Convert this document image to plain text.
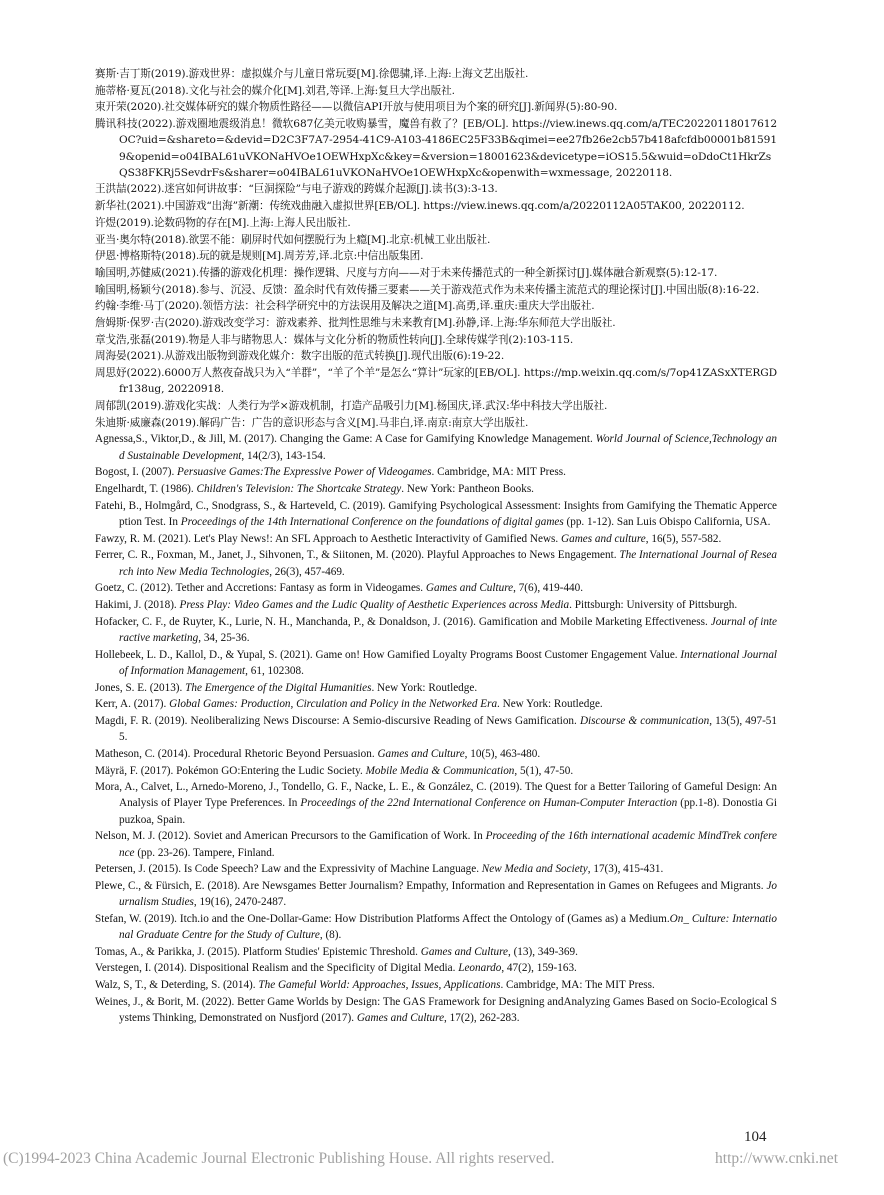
赛斯·吉丁斯(2019).游戏世界：虚拟媒介与儿童日常玩耍[M].徐偲骕,译.上海:上海文艺出版社.

施蒂格·夏瓦(2018).文化与社会的媒介化[M].刘君,等译.上海:复旦大学出版社.

束开荣(2020).社交媒体研究的媒介物质性路径——以微信API开放与使用项目为个案的研究[J].新闻界(5):80-90.

腾讯科技(2022).游戏圈地震级消息！微软687亿美元收购暴雪，魔兽有救了？[EB/OL]. https://view.inews.qq.com/a/TEC20220118017612OC?uid=&shareto=&devid=D2C3F7A7-2954-41C9-A103-4186EC25F33B&qimei=ee27fb26e2cb57b418afcfdb00001b815919&openid=o04IBAL61uVKONaHVOe1OEWHxpXc&key=&version=18001623&devicetype=iOS15.5&wuid=oDdoCt1HkrZsQS38FKRj5SevdrFs&sharer=o04IBAL61uVKONaHVOe1OEWHxpXc&openwith=wxmessage, 20220118.

王洪喆(2022).迷宫如何讲故事：“巨洞探险”与电子游戏的跨媒介起源[J].读书(3):3-13.

新华社(2021).中国游戏“出海”新潮：传统戏曲融入虚拟世界[EB/OL]. https://view.inews.qq.com/a/20220112A05TAK00, 20220112.

许煜(2019).论数码物的存在[M].上海:上海人民出版社.

亚当·奥尔特(2018).欲罢不能：刷屏时代如何摆脱行为上瘾[M].北京:机械工业出版社.

伊恩·博格斯特(2018).玩的就是规则[M].周芳芳,译.北京:中信出版集团.

喻国明,苏健威(2021).传播的游戏化机理：操作逻辑、尺度与方向——对于未来传播范式的一种全新探讨[J].媒体融合新观察(5):12-17.

喻国明,杨颖兮(2018).参与、沉浸、反馈：盈余时代有效传播三要素——关于游戏范式作为未来传播主流范式的理论探讨[J].中国出版(8):16-22.

约翰·李维·马丁(2020).领悟方法：社会科学研究中的方法误用及解决之道[M].高勇,译.重庆:重庆大学出版社.

詹姆斯·保罗·吉(2020).游戏改变学习：游戏素养、批判性思维与未来教育[M].孙静,译.上海:华东师范大学出版社.

章戈浩,张磊(2019).物是人非与睹物思人：媒体与文化分析的物质性转向[J].全球传媒学刊(2):103-115.

周海晏(2021).从游戏出版物到游戏化媒介：数字出版的范式转换[J].现代出版(6):19-22.

周思妤(2022).6000万人熬夜奋战只为入“羊群”，“羊了个羊”是怎么“算计”玩家的[EB/OL]. https://mp.weixin.qq.com/s/7op41ZASxXTERGDfr138ug, 20220918.

周郁凯(2019).游戏化实战：人类行为学×游戏机制，打造产品吸引力[M].杨国庆,译.武汉:华中科技大学出版社.

朱迪斯·威廉森(2019).解码广告：广告的意识形态与含义[M].马非白,译.南京:南京大学出版社.

Agnessa,S., Viktor,D., & Jill, M. (2017). Changing the Game: A Case for Gamifying Knowledge Management. World Journal of Science,Technology and Sustainable Development, 14(2/3), 143-154.

Bogost, I. (2007). Persuasive Games:The Expressive Power of Videogames. Cambridge, MA: MIT Press.

Engelhardt, T. (1986). Children's Television: The Shortcake Strategy. New York: Pantheon Books.

Fatehi, B., Holmgård, C., Snodgrass, S., & Harteveld, C. (2019). Gamifying Psychological Assessment: Insights from Gamifying the Thematic Apperception Test. In Proceedings of the 14th International Conference on the foundations of digital games (pp. 1-12). San Luis Obispo California, USA.

Fawzy, R. M. (2021). Let's Play News!: An SFL Approach to Aesthetic Interactivity of Gamified News. Games and culture, 16(5), 557-582.

Ferrer, C. R., Foxman, M., Janet, J., Sihvonen, T., & Siitonen, M. (2020). Playful Approaches to News Engagement. The International Journal of Research into New Media Technologies, 26(3), 457-469.

Goetz, C. (2012). Tether and Accretions: Fantasy as form in Videogames. Games and Culture, 7(6), 419-440.

Hakimi, J. (2018). Press Play: Video Games and the Ludic Quality of Aesthetic Experiences across Media. Pittsburgh: University of Pittsburgh.

Hofacker, C. F., de Ruyter, K., Lurie, N. H., Manchanda, P., & Donaldson, J. (2016). Gamification and Mobile Marketing Effectiveness. Journal of interactive marketing, 34, 25-36.

Hollebeek, L. D., Kallol, D., & Yupal, S. (2021). Game on! How Gamified Loyalty Programs Boost Customer Engagement Value. International Journal of Information Management, 61, 102308.

Jones, S. E. (2013). The Emergence of the Digital Humanities. New York: Routledge.

Kerr, A. (2017). Global Games: Production, Circulation and Policy in the Networked Era. New York: Routledge.

Magdi, F. R. (2019). Neoliberalizing News Discourse: A Semio-discursive Reading of News Gamification. Discourse & communication, 13(5), 497-515.

Matheson, C. (2014). Procedural Rhetoric Beyond Persuasion. Games and Culture, 10(5), 463-480.

Mäyrä, F. (2017). Pokémon GO:Entering the Ludic Society. Mobile Media & Communication, 5(1), 47-50.

Mora, A., Calvet, L., Arnedo-Moreno, J., Tondello, G. F., Nacke, L. E., & González, C. (2019). The Quest for a Better Tailoring of Gameful Design: An Analysis of Player Type Preferences. In Proceedings of the 22nd International Conference on Human-Computer Interaction (pp.1-8). Donostia Gipuzkoa, Spain.

Nelson, M. J. (2012). Soviet and American Precursors to the Gamification of Work. In Proceeding of the 16th international academic MindTrek conference (pp. 23-26). Tampere, Finland.

Petersen, J. (2015). Is Code Speech? Law and the Expressivity of Machine Language. New Media and Society, 17(3), 415-431.

Plewe, C., & Fürsich, E. (2018). Are Newsgames Better Journalism? Empathy, Information and Representation in Games on Refugees and Migrants. Journalism Studies, 19(16), 2470-2487.

Stefan, W. (2019). Itch.io and the One-Dollar-Game: How Distribution Platforms Affect the Ontology of (Games as) a Medium.On_ Culture: International Graduate Centre for the Study of Culture, (8).

Tomas, A., & Parikka, J. (2015). Platform Studies' Epistemic Threshold. Games and Culture, (13), 349-369.

Verstegen, I. (2014). Dispositional Realism and the Specificity of Digital Media. Leonardo, 47(2), 159-163.

Walz, S, T., & Deterding, S. (2014). The Gameful World: Approaches, Issues, Applications. Cambridge, MA: The MIT Press.

Weines, J., & Borit, M. (2022). Better Game Worlds by Design: The GAS Framework for Designing andAnalyzing Games Based on Socio-Ecological Systems Thinking, Demonstrated on Nusfjord (2017). Games and Culture, 17(2), 262-283.

104
(C)1994-2023 China Academic Journal Electronic Publishing House. All rights reserved.	http://www.cnki.net
